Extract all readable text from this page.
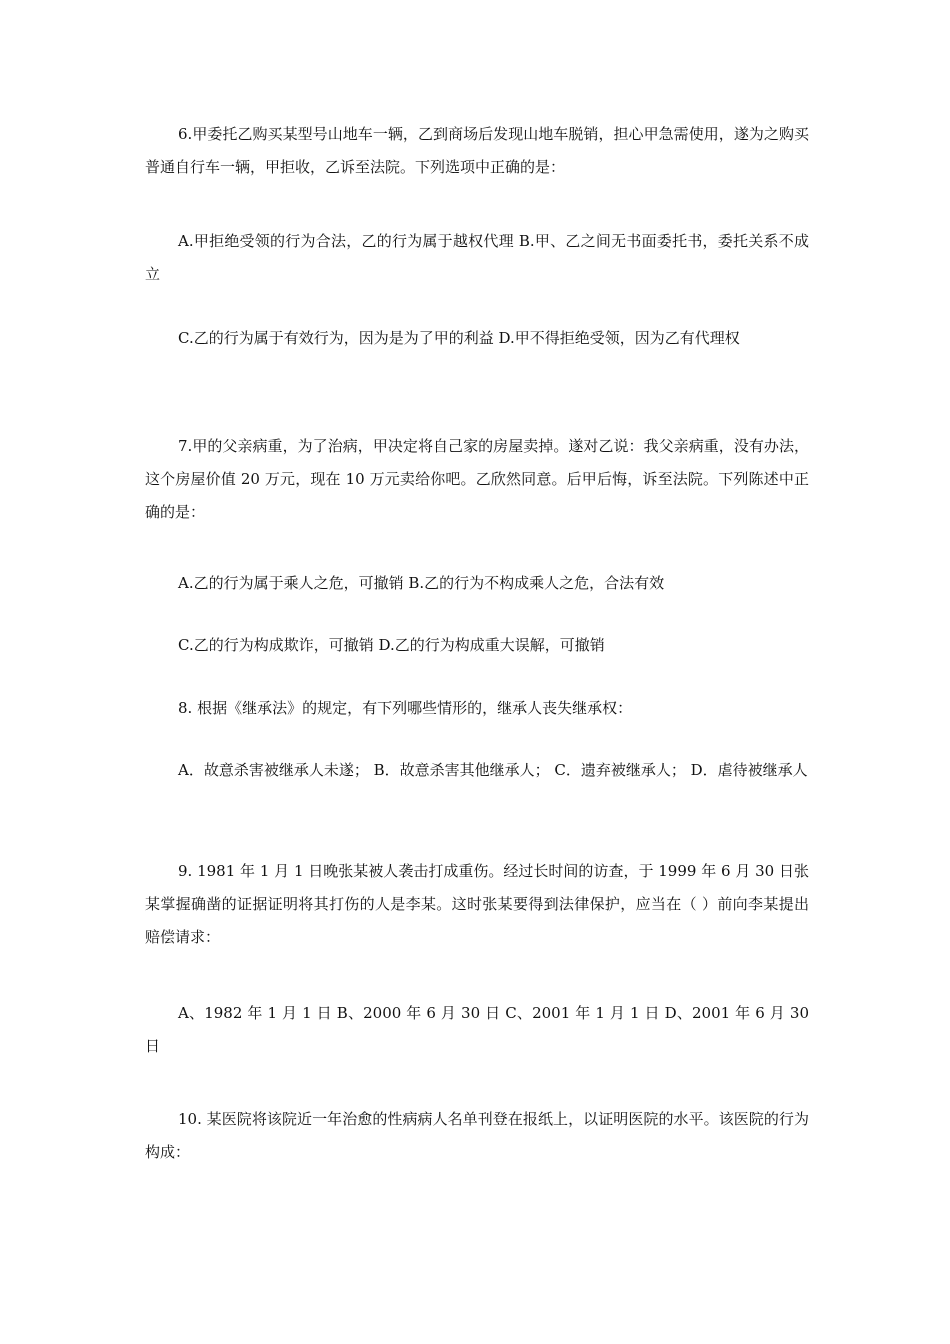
6.甲委托乙购买某型号山地车一辆，乙到商场后发现山地车脱销，担心甲急需使用，遂为之购买普通自行车一辆，甲拒收，乙诉至法院。下列选项中正确的是：

A.甲拒绝受领的行为合法，乙的行为属于越权代理 B.甲、乙之间无书面委托书，委托关系不成立

C.乙的行为属于有效行为，因为是为了甲的利益 D.甲不得拒绝受领，因为乙有代理权

7.甲的父亲病重，为了治病，甲决定将自己家的房屋卖掉。遂对乙说：我父亲病重，没有办法，这个房屋价值 20 万元，现在 10 万元卖给你吧。乙欣然同意。后甲后悔，诉至法院。下列陈述中正确的是：

A.乙的行为属于乘人之危，可撤销 B.乙的行为不构成乘人之危，合法有效

C.乙的行为构成欺诈，可撤销 D.乙的行为构成重大误解，可撤销

8. 根据《继承法》的规定，有下列哪些情形的，继承人丧失继承权：

A．故意杀害被继承人未遂； B．故意杀害其他继承人； C．遗弃被继承人； D．虐待被继承人

9. 1981 年 1 月 1 日晚张某被人袭击打成重伤。经过长时间的访查，于 1999 年 6 月 30 日张某掌握确凿的证据证明将其打伤的人是李某。这时张某要得到法律保护，应当在（ ）前向李某提出赔偿请求：

A、1982 年 1 月 1 日 B、2000 年 6 月 30 日 C、2001 年 1 月 1 日 D、2001 年 6 月 30 日

10. 某医院将该院近一年治愈的性病病人名单刊登在报纸上，以证明医院的水平。该医院的行为构成：
